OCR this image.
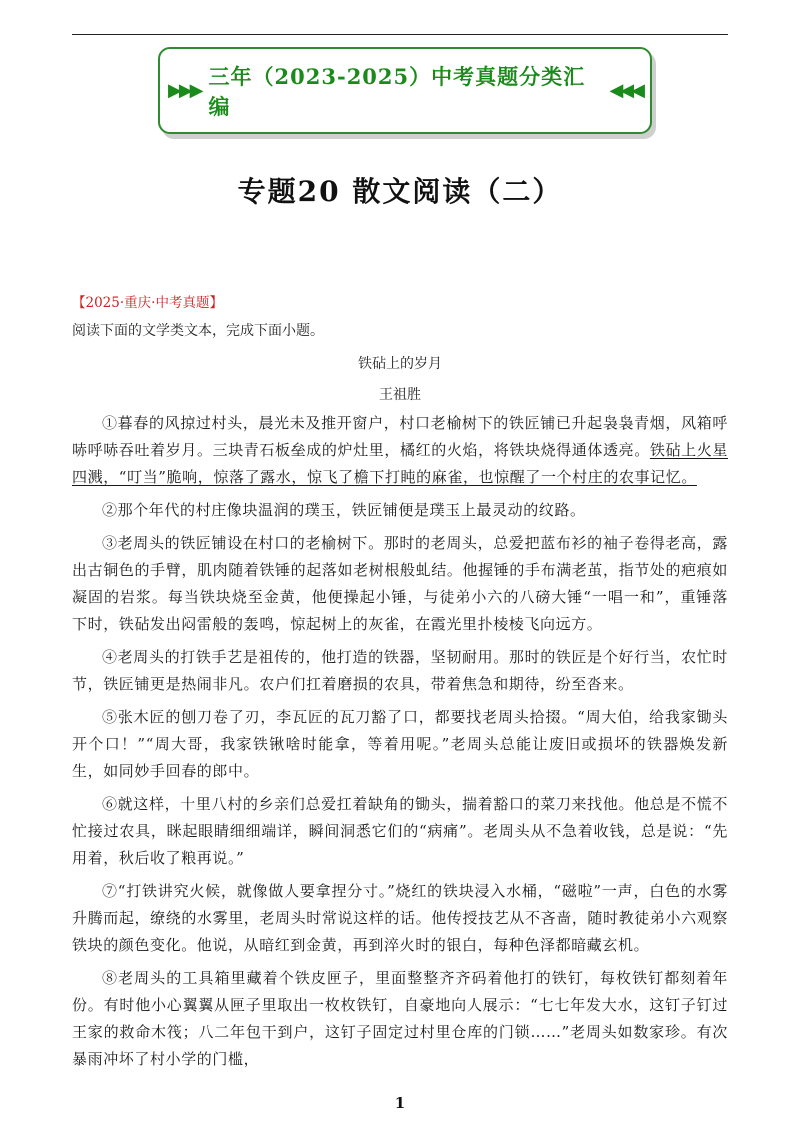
▶▶▶
三年（2023-2025）中考真题分类汇编
◀◀◀
专题20 散文阅读（二）
【2025·重庆·中考真题】
阅读下面的文学类文本，完成下面小题。
铁砧上的岁月
王祖胜

①暮春的风掠过村头，晨光未及推开窗户，村口老榆树下的铁匠铺已升起袅袅青烟，风箱呼哧呼哧吞吐着岁月。三块青石板垒成的炉灶里，橘红的火焰，将铁块烧得通体透亮。铁砧上火星四溅，“叮当”脆响，惊落了露水，惊飞了檐下打盹的麻雀，也惊醒了一个村庄的农事记忆。

②那个年代的村庄像块温润的璞玉，铁匠铺便是璞玉上最灵动的纹路。

③老周头的铁匠铺设在村口的老榆树下。那时的老周头，总爱把蓝布衫的袖子卷得老高，露出古铜色的手臂，肌肉随着铁锤的起落如老树根般虬结。他握锤的手布满老茧，指节处的疤痕如凝固的岩浆。每当铁块烧至金黄，他便操起小锤，与徒弟小六的八磅大锤“一唱一和”，重锤落下时，铁砧发出闷雷般的轰鸣，惊起树上的灰雀，在霞光里扑棱棱飞向远方。

④老周头的打铁手艺是祖传的，他打造的铁器，坚韧耐用。那时的铁匠是个好行当，农忙时节，铁匠铺更是热闹非凡。农户们扛着磨损的农具，带着焦急和期待，纷至沓来。

⑤张木匠的刨刀卷了刃，李瓦匠的瓦刀豁了口，都要找老周头拾掇。“周大伯，给我家锄头开个口！”“周大哥，我家铁锹啥时能拿，等着用呢。”老周头总能让废旧或损坏的铁器焕发新生，如同妙手回春的郎中。

⑥就这样，十里八村的乡亲们总爱扛着缺角的锄头，揣着豁口的菜刀来找他。他总是不慌不忙接过农具，眯起眼睛细细端详，瞬间洞悉它们的“病痛”。老周头从不急着收钱，总是说：“先用着，秋后收了粮再说。”

⑦“打铁讲究火候，就像做人要拿捏分寸。”烧红的铁块浸入水桶，“磁啦”一声，白色的水雾升腾而起，缭绕的水雾里，老周头时常说这样的话。他传授技艺从不吝啬，随时教徒弟小六观察铁块的颜色变化。他说，从暗红到金黄，再到淬火时的银白，每种色泽都暗藏玄机。

⑧老周头的工具箱里藏着个铁皮匣子，里面整整齐齐码着他打的铁钉，每枚铁钉都刻着年份。有时他小心翼翼从匣子里取出一枚枚铁钉，自豪地向人展示：“七七年发大水，这钉子钉过王家的救命木筏；八二年包干到户，这钉子固定过村里仓库的门锁……”老周头如数家珍。有次暴雨冲坏了村小学的门槛，

1
